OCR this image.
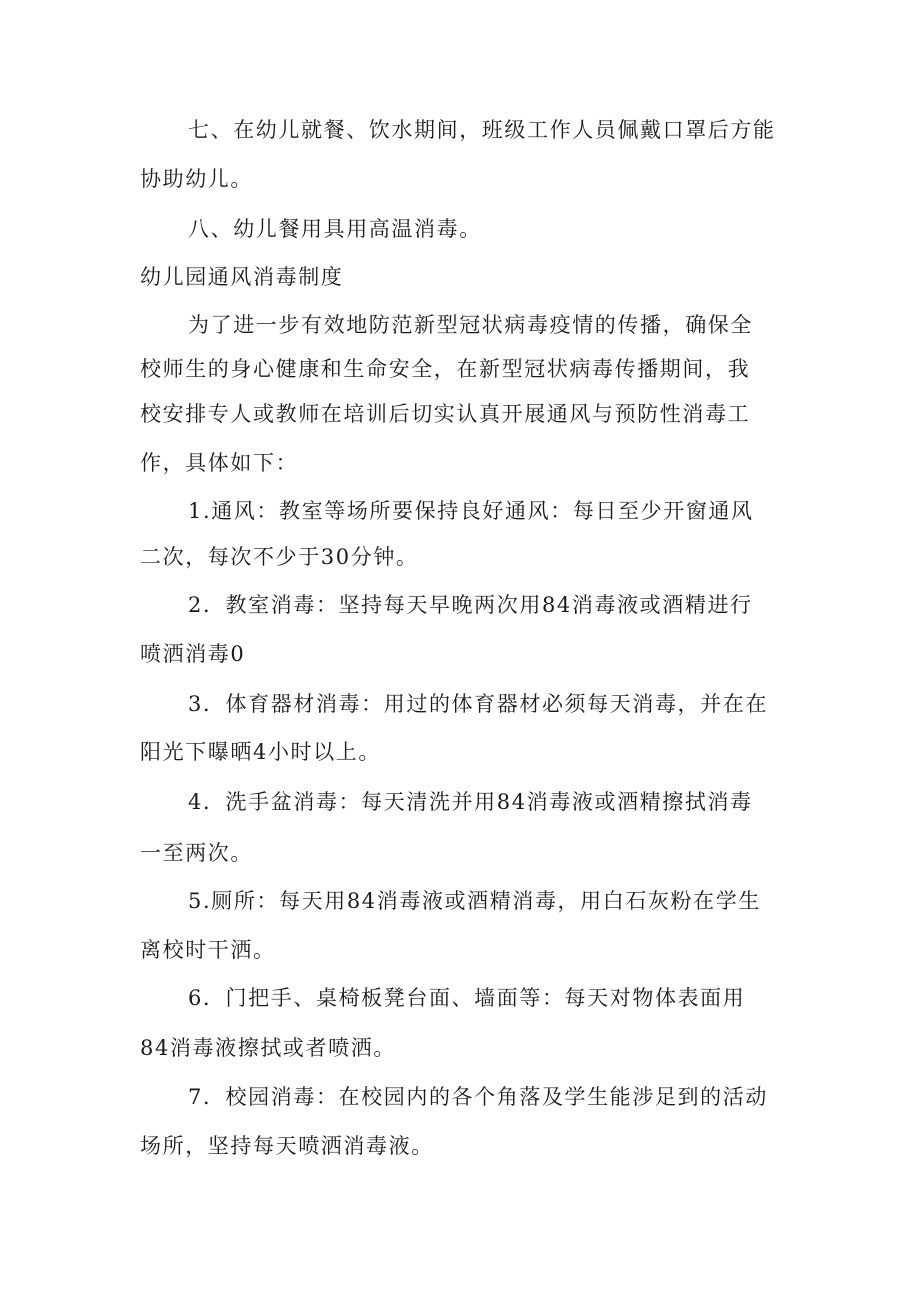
七、在幼儿就餐、饮水期间，班级工作人员佩戴口罩后方能
协助幼儿。
八、幼儿餐用具用高温消毒。
幼儿园通风消毒制度
为了进一步有效地防范新型冠状病毒疫情的传播，确保全
校师生的身心健康和生命安全，在新型冠状病毒传播期间，我
校安排专人或教师在培训后切实认真开展通风与预防性消毒工
作，具体如下：
1.通风：教室等场所要保持良好通风：每日至少开窗通风
二次，每次不少于30分钟。
2．教室消毒：坚持每天早晚两次用84消毒液或酒精进行
喷洒消毒0
3．体育器材消毒：用过的体育器材必须每天消毒，并在在
阳光下曝晒4小时以上。
4．洗手盆消毒：每天清洗并用84消毒液或酒精擦拭消毒
一至两次。
5.厕所：每天用84消毒液或酒精消毒，用白石灰粉在学生
离校时干洒。
6．门把手、桌椅板凳台面、墙面等：每天对物体表面用
84消毒液擦拭或者喷洒。
7．校园消毒：在校园内的各个角落及学生能涉足到的活动
场所，坚持每天喷洒消毒液。
